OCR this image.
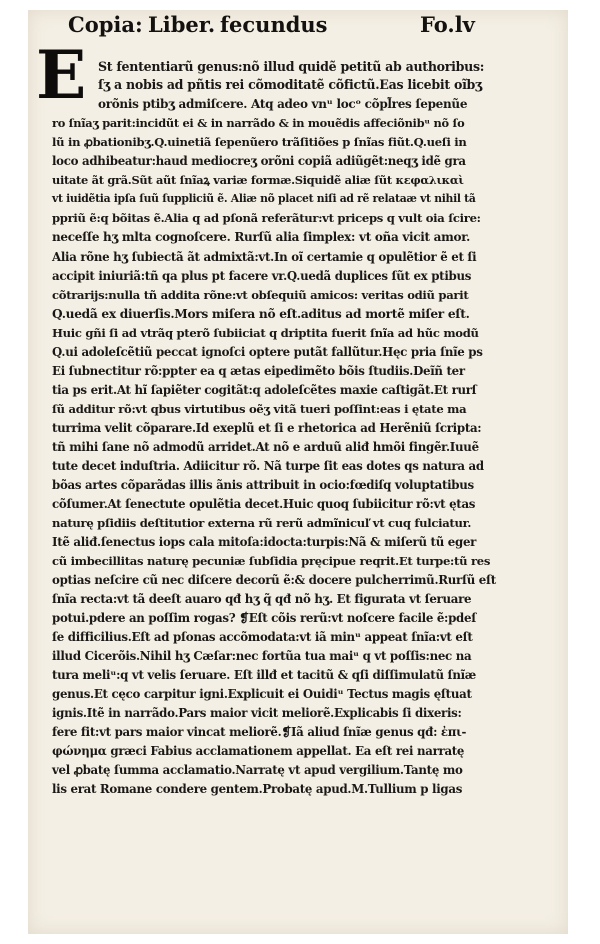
Copia: Liber. fecundus	Fo.lv
E St fententiarũ genus:nõ illud quidẽ petitũ ab authoribus:
ſʒ a nobis ad pñtis rei cõmoditatẽ cõfictũ.Eas licebit oĩbʒ
orõnis ptibʒ admiſcere. Atq adeo vnᵘ locᵒ cõpl̃res ſepenũe
ro ſnĩaʒ parit:incidũt ei & in narrãdo & in mouẽdis affeciõnibᵘ nõ ſo
lũ in ꝓbationibʒ.Q.uinetiã ſepenũero trãſitiões p ſnĩas fiũt.Q.ueſi in
loco adhibeatur:haud mediocreʒ orõni copiã adiũgẽt:neqʒ idẽ gra
uitate ãt grã.Sũt aũt ſnĩaꝝ variæ formæ.Siquidẽ aliæ ſũt κεφαλικαὶ
vt iuidẽtia ipſa ſuũ ſuppliciũ ẽ. Aliæ nõ placet niſi ad rẽ relataæ vt nihil tã
ppriũ ẽ:q bõitas ẽ.Alia q ad pſonã referãtur:vt priceps q vult oia ſcire:
neceſſe hʒ mlta cognoſcere. Rurſũ alia ſimplex: vt oña vicit amor.
Alia rõne hʒ ſubiectã ãt admixtã:vt.In oĩ certamie q opulẽtior ẽ et ſi
accipit iniuriã:tñ qa plus pt facere vr.Q.uedã duplices ſũt ex ptibus
cõtrarijs:nulla tñ addita rõne:vt obſequiũ amicos: veritas odiũ parit
Q.uedã ex diuerſis.Mors miſera nõ eſt.aditus ad mortẽ miſer eſt.
Huic gñi ſi ad vtrãq pterõ ſubiiciat q driptita fuerit ſnĩa ad hũc modũ
Q.ui adoleſcẽtiũ peccat ignoſci optere putãt fallũtur.Hęc pria ſnĩe ps
Ei ſubnectitur rõ:ppter ea q ætas eipedimẽto bõis ſtudiis.Deĩñ ter
tia ps erit.At hĩ ſapiẽter cogitãt:q adoleſcẽtes maxie caſtigãt.Et rurſ
ſũ additur rõ:vt qbus virtutibus oẽʒ vitã tueri poſſint:eas i ętate ma
turrima velit cõparare.Id exeplũ et ſi e rhetorica ad Herẽniũ ſcripta:
tñ mihi ſane nõ admodũ arridet.At nõ e arduũ aliđ hmõi fingẽr.Iuuẽ
tute decet induſtria. Adiicitur rõ. Nã turpe ſit eas dotes qs natura ad
bõas artes cõparãdas illis ãnis attribuit in ocio:fœdiſq voluptatibus
cõſumer.At ſenectute opulẽtia decet.Huic quoq ſubiicitur rõ:vt ętas
naturę pſidiis deſtitutior externa rũ rerũ admĩnicuľ vt cuq fulciatur.
Itẽ aliđ.ſenectus iops cala mitoſa:idocta:turpis:Nã & miſerũ tũ eger
cũ imbecillitas naturę pecuniæ ſubſidia pręcipue reqrit.Et turpe:tũ res
optias neſcire cũ nec diſcere decorũ ẽ:& docere pulcherrimũ.Rurſũ eſt
ſnĩa recta:vt tã deeſt auaro qđ hʒ q̃ qđ nõ hʒ. Et figurata vt ſeruare
potui.pdere an poſſim rogas? ❡Eſt cõis rerũ:vt noſcere facile ẽ:pdeſ
ſe difficilius.Eſt ad pſonas accõmodata:vt iã minᵘ appeat ſnĩa:vt eſt
illud Cicerõis.Nihil hʒ Cæſar:nec fortũa tua maiᵘ q vt poſſis:nec na
tura meliᵘ:q vt velis ſeruare. Eſt illđ et tacitũ & qſi diſſimulatũ ſnĩæ
genus.Et cęco carpitur igni.Explicuit ei Ouidiᵘ Tectus magis ęſtuat
ignis.Itẽ in narrãdo.Pars maior vicit meliorẽ.Explicabis ſi dixeris:
fere fit:vt pars maior vincat meliorẽ.❡Iã aliud ſnĩæ genus qđ: ἐπι-
φώνημα græci Fabius acclamationem appellat. Ea eſt rei narratę
vel ꝓbatę ſumma acclamatio.Narratę vt apud vergilium.Tantę mo
lis erat Romane condere gentem.Probatę apud.M.Tullium p ligas
